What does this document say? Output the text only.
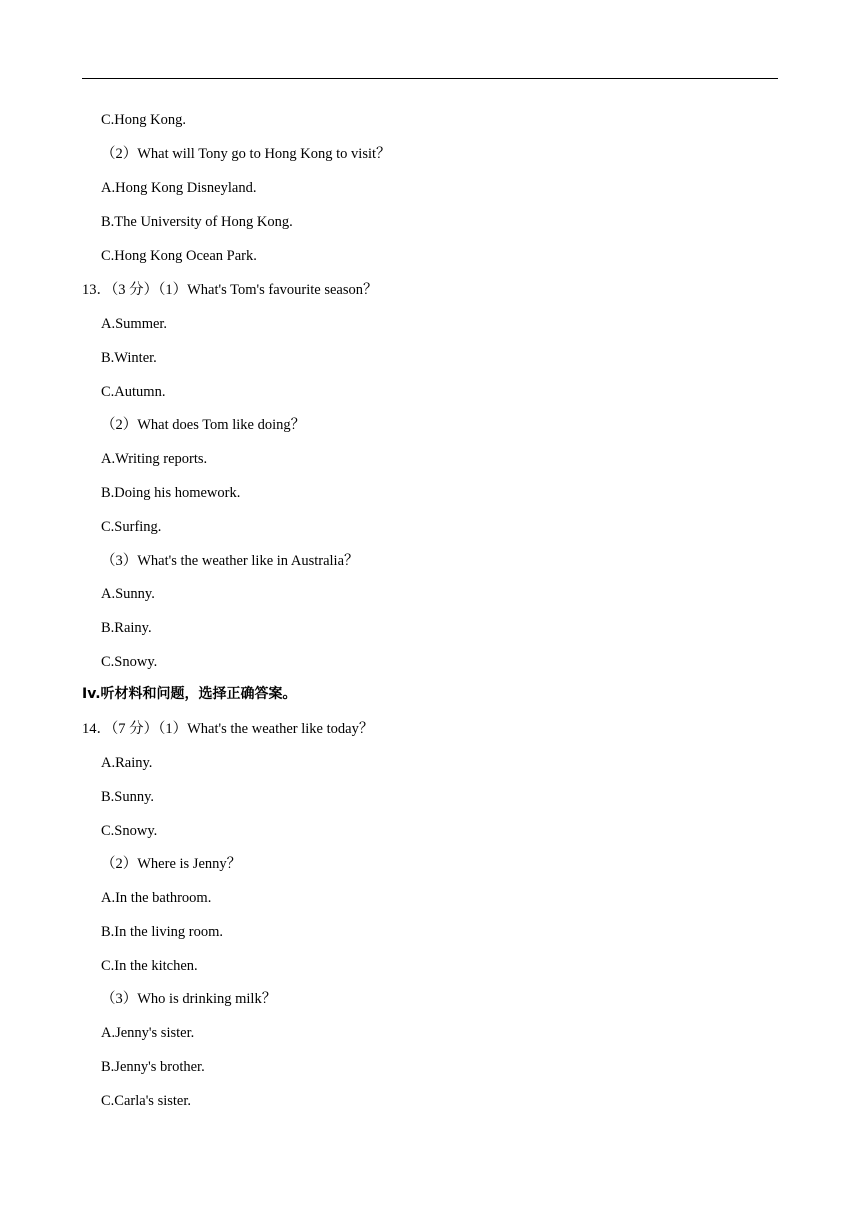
C.Hong Kong.
（2）What will Tony go to Hong Kong to visit？
A.Hong Kong Disneyland.
B.The University of Hong Kong.
C.Hong Kong Ocean Park.
13．（3 分）（1）What's Tom's favourite season？
A.Summer.
B.Winter.
C.Autumn.
（2）What does Tom like doing？
A.Writing reports.
B.Doing his homework.
C.Surfing.
（3）What's the weather like in Australia？
A.Sunny.
B.Rainy.
C.Snowy.
Iv.听材料和问题，选择正确答案。
14．（7 分）（1）What's the weather like today？
A.Rainy.
B.Sunny.
C.Snowy.
（2）Where is Jenny？
A.In the bathroom.
B.In the living room.
C.In the kitchen.
（3）Who is drinking milk？
A.Jenny's sister.
B.Jenny's brother.
C.Carla's sister.
